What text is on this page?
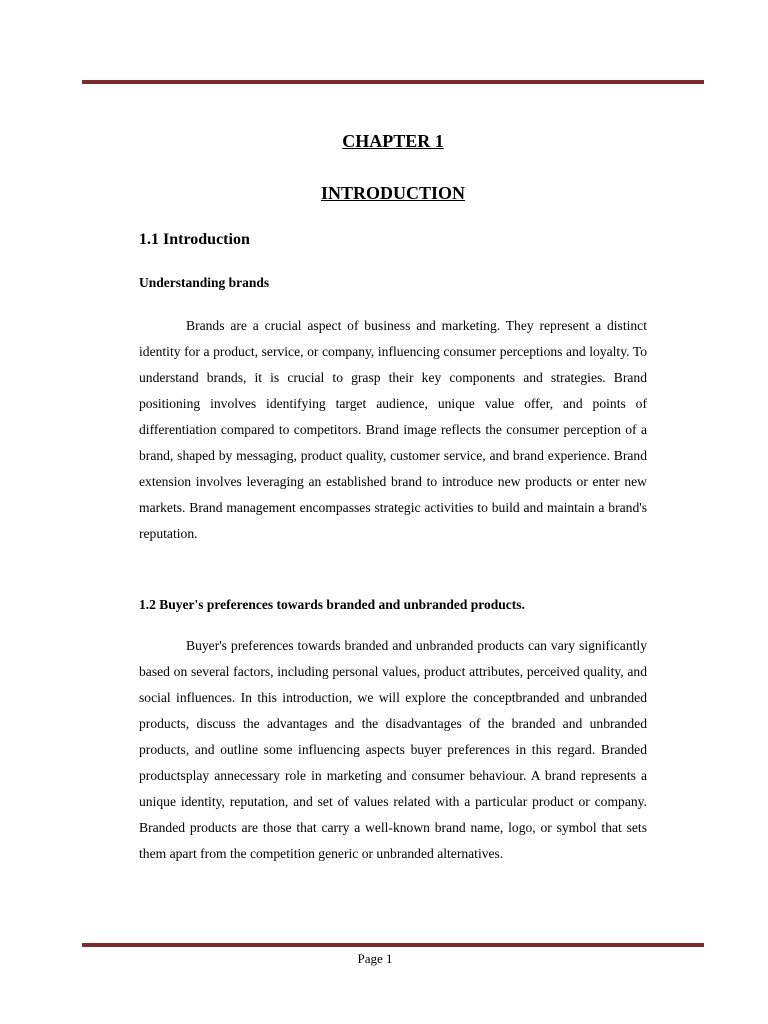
CHAPTER 1
INTRODUCTION
1.1 Introduction
Understanding brands

Brands are a crucial aspect of business and marketing. They represent a distinct identity for a product, service, or company, influencing consumer perceptions and loyalty. To understand brands, it is crucial to grasp their key components and strategies. Brand positioning involves identifying target audience, unique value offer, and points of differentiation compared to competitors. Brand image reflects the consumer perception of a brand, shaped by messaging, product quality, customer service, and brand experience. Brand extension involves leveraging an established brand to introduce new products or enter new markets. Brand management encompasses strategic activities to build and maintain a brand's reputation.

1.2 Buyer's preferences towards branded and unbranded products.

Buyer's preferences towards branded and unbranded products can vary significantly based on several factors, including personal values, product attributes, perceived quality, and social influences. In this introduction, we will explore the conceptbranded and unbranded products, discuss the advantages and the disadvantages of the branded and unbranded products, and outline some influencing aspects buyer preferences in this regard. Branded productsplay annecessary role in marketing and consumer behaviour. A brand represents a unique identity, reputation, and set of values related with a particular product or company. Branded products are those that carry a well-known brand name, logo, or symbol that sets them apart from the competition generic or unbranded alternatives.

Page 1
